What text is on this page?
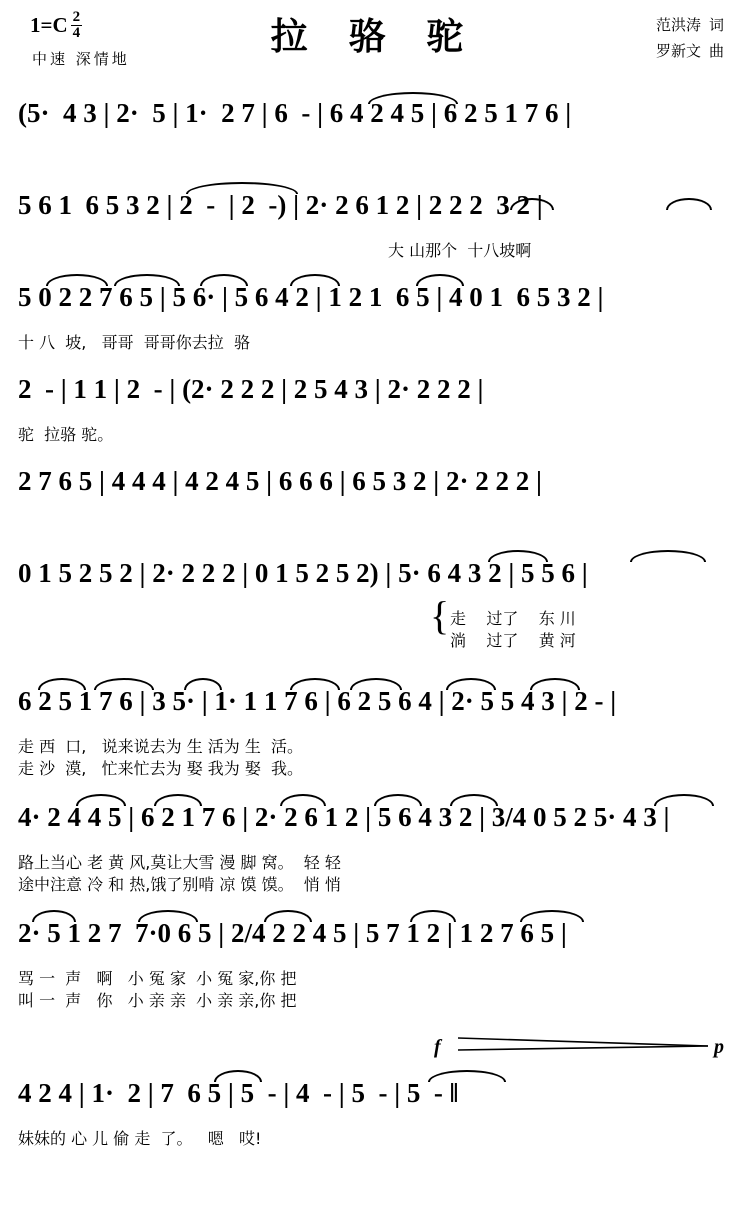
1= C $\frac{2}{4}$
中速 深情地
拉 骆 驼	范洪涛 词
罗新文 曲
(5·  4 3 | 2·  5 | 1·  2 7 | 6  - | 6 4 2 4 5 | 6 2 5 1 7 6 |
5 6 1  6 5 3 2 | 2  -  | 2  -) | 2· 2 6 1 2 | 2 2 2  3 2 |
大 山那个  十八坡啊
5 0 2 2 7 6 5 | 5 6· | 5 6 4 2 | 1 2 1  6 5 | 4 0 1  6 5 3 2 |
十 八  坡,   哥哥  哥哥你去拉  骆
2  - | 1 1 | 2  - | (2· 2 2 2 | 2 5 4 3 | 2· 2 2 2 |
驼  拉骆 驼。
2 7 6 5 | 4 4 4 | 4 2 4 5 | 6 6 6 | 6 5 3 2 | 2· 2 2 2 |
0 1 5 2 5 2 | 2· 2 2 2 | 0 1 5 2 5 2) | 5· 6 4 3 2 | 5 5 6 |
{ 走    过了    东 川
淌    过了    黄 河
6 2 5 1 7 6 | 3 5· | 1· 1 1 7 6 | 6 2 5 6 4 | 2· 5 5 4 3 | 2 - |
走 西  口,   说来说去为 生 活为 生  活。
走 沙  漠,   忙来忙去为 娶 我为 娶  我。
4· 2 4 4 5 | 6 2 1 7 6 | 2· 2 6 1 2 | 5 6 4 3 2 | 3/4 0 5 2 5· 4 3 |
路上当心 老 黄 风,莫让大雪 漫 脚 窝。  轻 轻
途中注意 冷 和 热,饿了别啃 凉 馍 馍。  悄 悄
2· 5 1 2 7  7·0 6 5 | 2/4 2 2 4 5 | 5 7 1 2 | 1 2 7 6 5 |
骂 一  声   啊   小 冤 家  小 冤 家,你 把
叫 一  声   你   小 亲 亲  小 亲 亲,你 把
f	p
4 2 4 | 1·  2 | 7  6 5 | 5  - | 4  - | 5  - | 5  - ‖
妹妹的 心 儿 偷 走  了。   嗯   哎!
